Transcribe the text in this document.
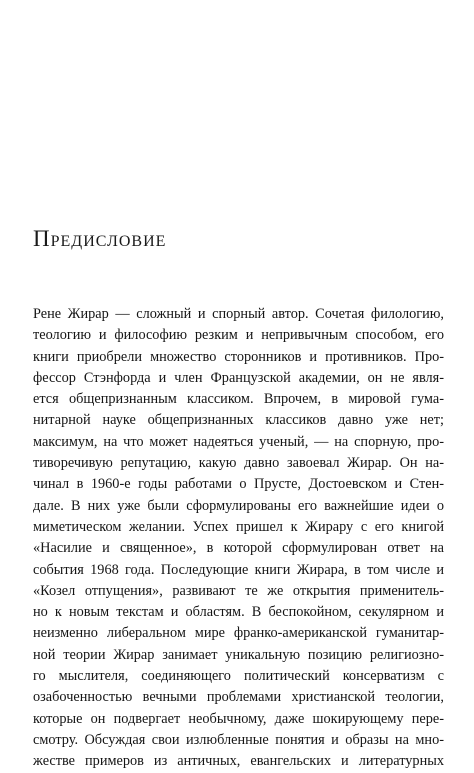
Предисловие
Рене Жирар — сложный и спорный автор. Сочетая филологию,
теологию и философию резким и непривычным способом, его
книги приобрели множество сторонников и противников. Про-
фессор Стэнфорда и член Французской академии, он не явля-
ется общепризнанным классиком. Впрочем, в мировой гума-
нитарной науке общепризнанных классиков давно уже нет;
максимум, на что может надеяться ученый, — на спорную, про-
тиворечивую репутацию, какую давно завоевал Жирар. Он на-
чинал в 1960-е годы работами о Прусте, Достоевском и Стен-
дале. В них уже были сформулированы его важнейшие идеи о
миметическом желании. Успех пришел к Жирару с его книгой
«Насилие и священное», в которой сформулирован ответ на
события 1968 года. Последующие книги Жирара, в том числе и
«Козел отпущения», развивают те же открытия применитель-
но к новым текстам и областям. В беспокойном, секулярном и
неизменно либеральном мире франко-американской гуманитар-
ной теории Жирар занимает уникальную позицию религиозно-
го мыслителя, соединяющего политический консерватизм с
озабоченностью вечными проблемами христианской теологии,
которые он подвергает необычному, даже шокирующему пере-
смотру. Обсуждая свои излюбленные понятия и образы на мно-
жестве примеров из античных, евангельских и литературных
